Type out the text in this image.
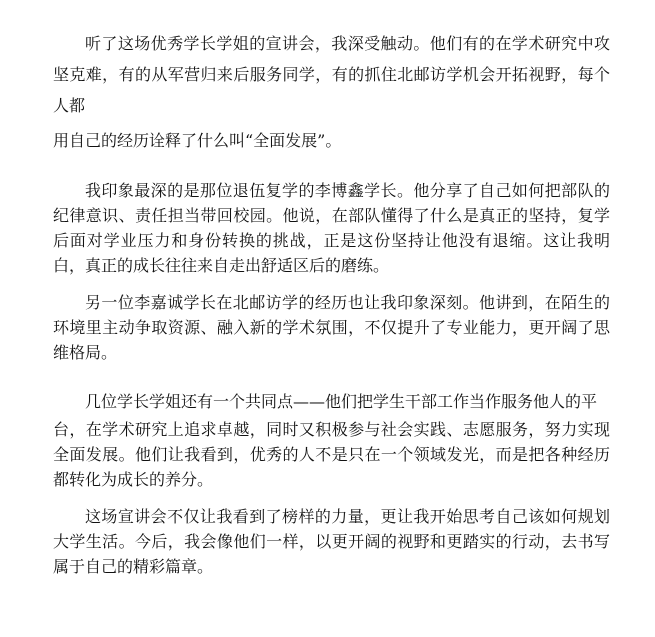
听了这场优秀学长学姐的宣讲会，我深受触动。他们有的在学术研究中攻坚克难，有的从军营归来后服务同学，有的抓住北邮访学机会开拓视野，每个人都
用自己的经历诠释了什么叫“全面发展”。

我印象最深的是那位退伍复学的李博鑫学长。他分享了自己如何把部队的纪律意识、责任担当带回校园。他说，在部队懂得了什么是真正的坚持，复学后面对学业压力和身份转换的挑战，正是这份坚持让他没有退缩。这让我明白，真正的成长往往来自走出舒适区后的磨练。

另一位李嘉诚学长在北邮访学的经历也让我印象深刻。他讲到，在陌生的环境里主动争取资源、融入新的学术氛围，不仅提升了专业能力，更开阔了思维格局。

几位学长学姐还有一个共同点——他们把学生干部工作当作服务他人的平
台，在学术研究上追求卓越，同时又积极参与社会实践、志愿服务，努力实现全面发展。他们让我看到，优秀的人不是只在一个领域发光，而是把各种经历都转化为成长的养分。

这场宣讲会不仅让我看到了榜样的力量，更让我开始思考自己该如何规划大学生活。今后，我会像他们一样，以更开阔的视野和更踏实的行动，去书写属于自己的精彩篇章。
